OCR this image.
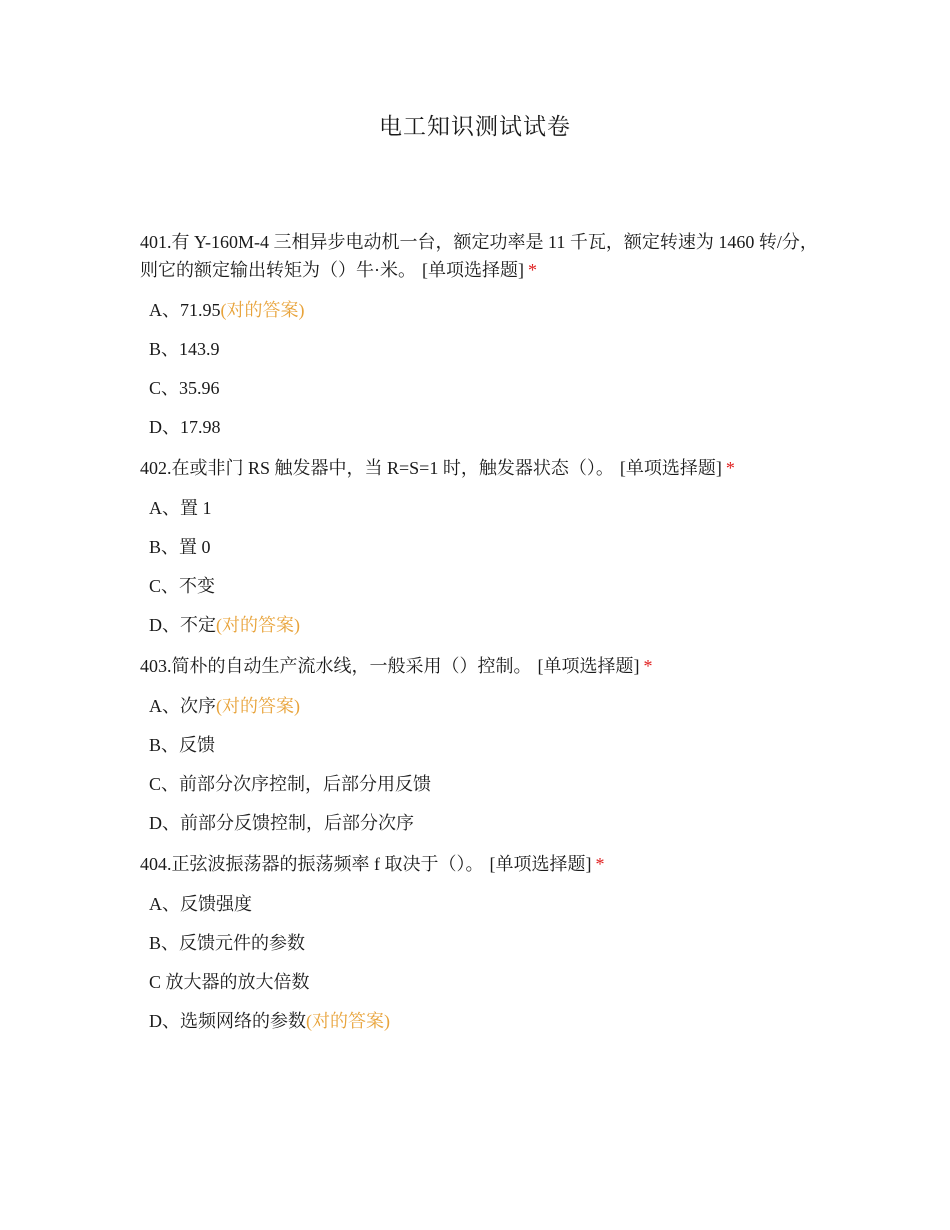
电工知识测试试卷
401.有 Y-160M-4 三相异步电动机一台，额定功率是 11 千瓦，额定转速为 1460 转/分，则它的额定输出转矩为（）牛·米。 [单项选择题] *
A、71.95(对的答案)
B、143.9
C、35.96
D、17.98
402.在或非门 RS 触发器中，当 R=S=1 时，触发器状态（）。 [单项选择题] *
A、置 1
B、置 0
C、不变
D、不定(对的答案)
403.简朴的自动生产流水线，一般采用（）控制。 [单项选择题] *
A、次序(对的答案)
B、反馈
C、前部分次序控制，后部分用反馈
D、前部分反馈控制，后部分次序
404.正弦波振荡器的振荡频率 f 取决于（）。 [单项选择题] *
A、反馈强度
B、反馈元件的参数
C 放大器的放大倍数
D、选频网络的参数(对的答案)
